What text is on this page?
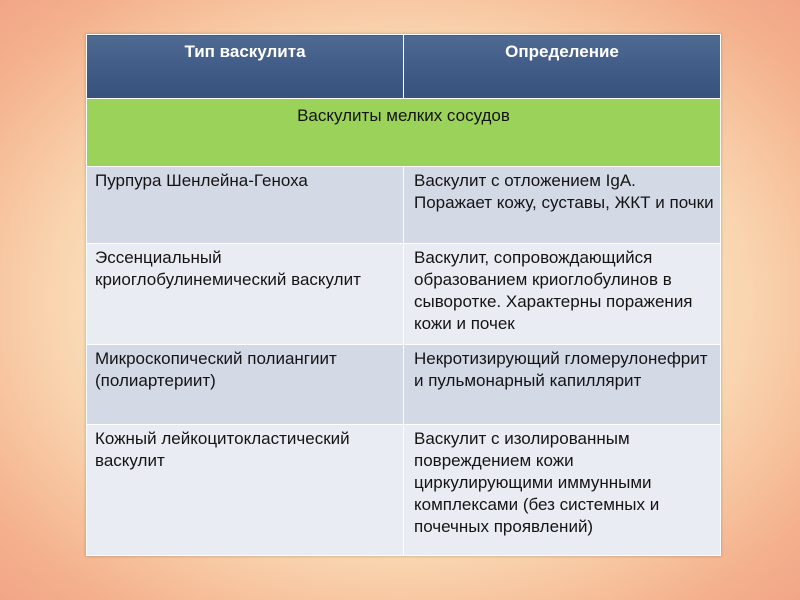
Тип васкулита	Определение
Васкулиты мелких сосудов	
Пурпура Шенлейна-Геноха	Васкулит с отложением IgA. Поражает кожу, суставы, ЖКТ и почки
Эссенциальный криоглобулинемический васкулит	Васкулит, сопровождающийся образованием криоглобулинов в сыворотке. Характерны поражения кожи и почек
Микроскопический полиангиит (полиартериит)	Некротизирующий гломерулонефрит и пульмонарный капиллярит
Кожный лейкоцитокластический васкулит	Васкулит с изолированным повреждением кожи циркулирующими иммунными комплексами (без системных и почечных проявлений)
